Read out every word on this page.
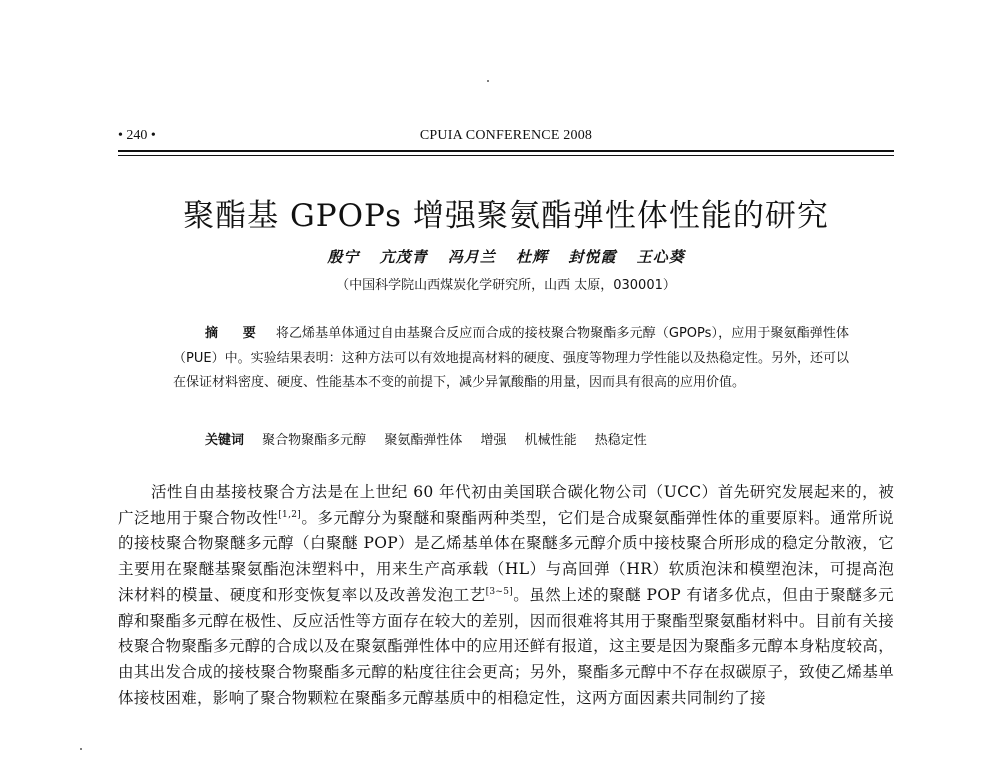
• 240 •	CPUIA CONFERENCE 2008
聚酯基 GPOPs 增强聚氨酯弹性体性能的研究
殷宁 亢茂青 冯月兰 杜辉 封悦霞 王心葵
（中国科学院山西煤炭化学研究所，山西 太原，030001）
摘 要 将乙烯基单体通过自由基聚合反应而合成的接枝聚合物聚酯多元醇（GPOPs），应用于聚氨酯弹性体（PUE）中。实验结果表明：这种方法可以有效地提高材料的硬度、强度等物理力学性能以及热稳定性。另外，还可以在保证材料密度、硬度、性能基本不变的前提下，减少异氰酸酯的用量，因而具有很高的应用价值。
关键词 聚合物聚酯多元醇 聚氨酯弹性体 增强 机械性能 热稳定性
活性自由基接枝聚合方法是在上世纪 60 年代初由美国联合碳化物公司（UCC）首先研究发展起来的，被广泛地用于聚合物改性[1,2]。多元醇分为聚醚和聚酯两种类型，它们是合成聚氨酯弹性体的重要原料。通常所说的接枝聚合物聚醚多元醇（白聚醚 POP）是乙烯基单体在聚醚多元醇介质中接枝聚合所形成的稳定分散液，它主要用在聚醚基聚氨酯泡沫塑料中，用来生产高承载（HL）与高回弹（HR）软质泡沫和模塑泡沫，可提高泡沫材料的模量、硬度和形变恢复率以及改善发泡工艺[3~5]。虽然上述的聚醚 POP 有诸多优点，但由于聚醚多元醇和聚酯多元醇在极性、反应活性等方面存在较大的差别，因而很难将其用于聚酯型聚氨酯材料中。目前有关接枝聚合物聚酯多元醇的合成以及在聚氨酯弹性体中的应用还鲜有报道，这主要是因为聚酯多元醇本身粘度较高，由其出发合成的接枝聚合物聚酯多元醇的粘度往往会更高；另外，聚酯多元醇中不存在叔碳原子，致使乙烯基单体接枝困难，影响了聚合物颗粒在聚酯多元醇基质中的相稳定性，这两方面因素共同制约了接
